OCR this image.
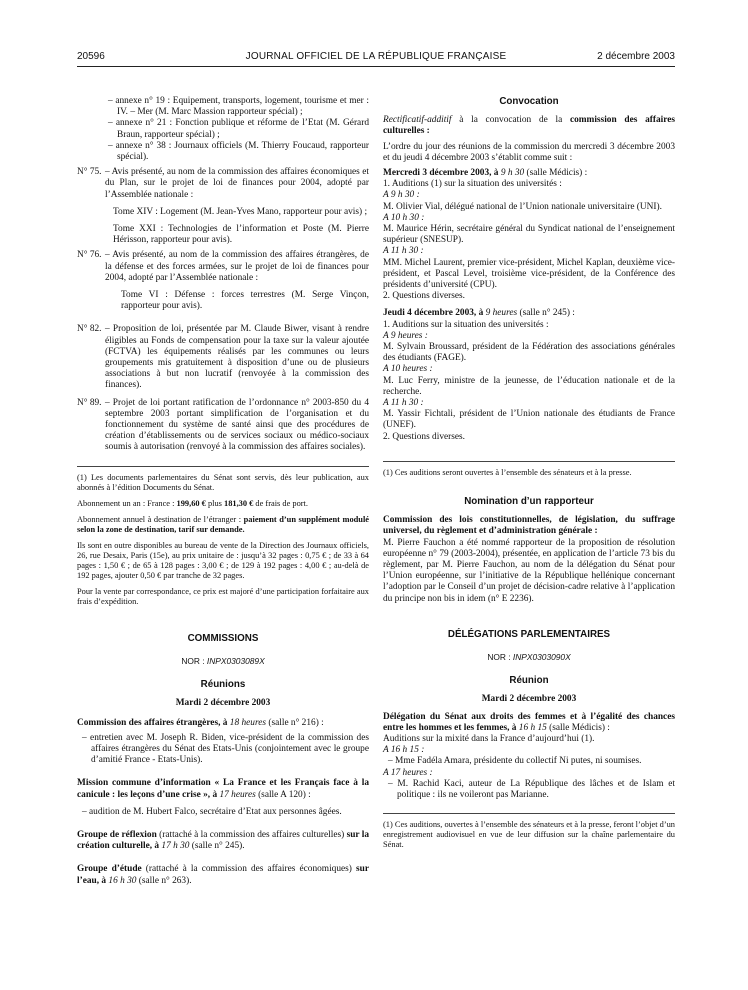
20596	JOURNAL OFFICIEL DE LA RÉPUBLIQUE FRANÇAISE	2 décembre 2003

– annexe n° 19 : Equipement, transports, logement, tourisme et mer : IV. – Mer (M. Marc Massion rapporteur spécial) ;

– annexe n° 21 : Fonction publique et réforme de l’Etat (M. Gérard Braun, rapporteur spécial) ;

– annexe n° 38 : Journaux officiels (M. Thierry Foucaud, rapporteur spécial).

N° 75. – Avis présenté, au nom de la commission des affaires économiques et du Plan, sur le projet de loi de finances pour 2004, adopté par l’Assemblée nationale :

Tome XIV : Logement (M. Jean-Yves Mano, rapporteur pour avis) ;

Tome XXI : Technologies de l’information et Poste (M. Pierre Hérisson, rapporteur pour avis).

N° 76. – Avis présenté, au nom de la commission des affaires étrangères, de la défense et des forces armées, sur le projet de loi de finances pour 2004, adopté par l’Assemblée nationale :

Tome VI : Défense : forces terrestres (M. Serge Vinçon, rapporteur pour avis).

N° 82. – Proposition de loi, présentée par M. Claude Biwer, visant à rendre éligibles au Fonds de compensation pour la taxe sur la valeur ajoutée (FCTVA) les équipements réalisés par les communes ou leurs groupements mis gratuitement à disposition d’une ou de plusieurs associations à but non lucratif (renvoyée à la commission des finances).
N° 89. – Projet de loi portant ratification de l’ordonnance n° 2003-850 du 4 septembre 2003 portant simplification de l’organisation et du fonctionnement du système de santé ainsi que des procédures de création d’établissements ou de services sociaux ou médico-sociaux soumis à autorisation (renvoyé à la commission des affaires sociales).

(1) Les documents parlementaires du Sénat sont servis, dès leur publication, aux abonnés à l’édition Documents du Sénat.

Abonnement un an : France : 199,60 € plus 181,30 € de frais de port.

Abonnement annuel à destination de l’étranger : paiement d’un supplément modulé selon la zone de destination, tarif sur demande.

Ils sont en outre disponibles au bureau de vente de la Direction des Journaux officiels, 26, rue Desaix, Paris (15e), au prix unitaire de : jusqu’à 32 pages : 0,75 € ; de 33 à 64 pages : 1,50 € ; de 65 à 128 pages : 3,00 € ; de 129 à 192 pages : 4,00 € ; au-delà de 192 pages, ajouter 0,50 € par tranche de 32 pages.

Pour la vente par correspondance, ce prix est majoré d’une participation forfaitaire aux frais d’expédition.

COMMISSIONS

NOR : INPX0303089X

Réunions

Mardi 2 décembre 2003

Commission des affaires étrangères, à 18 heures (salle n° 216) :

– entretien avec M. Joseph R. Biden, vice-président de la commission des affaires étrangères du Sénat des Etats-Unis (conjointement avec le groupe d’amitié France - Etats-Unis).

Mission commune d’information « La France et les Français face à la canicule : les leçons d’une crise », à 17 heures (salle A 120) :

– audition de M. Hubert Falco, secrétaire d’Etat aux personnes âgées.

Groupe de réflexion (rattaché à la commission des affaires culturelles) sur la création culturelle, à 17 h 30 (salle n° 245).

Groupe d’étude (rattaché à la commission des affaires économiques) sur l’eau, à 16 h 30 (salle n° 263).

Convocation

Rectificatif-additif à la convocation de la commission des affaires culturelles :

L’ordre du jour des réunions de la commission du mercredi 3 décembre 2003 et du jeudi 4 décembre 2003 s’établit comme suit :

Mercredi 3 décembre 2003, à 9 h 30 (salle Médicis) :

1. Auditions (1) sur la situation des universités :

A 9 h 30 :

M. Olivier Vial, délégué national de l’Union nationale universitaire (UNI).

A 10 h 30 :

M. Maurice Hérin, secrétaire général du Syndicat national de l’enseignement supérieur (SNESUP).

A 11 h 30 :

MM. Michel Laurent, premier vice-président, Michel Kaplan, deuxième vice-président, et Pascal Level, troisième vice-président, de la Conférence des présidents d’université (CPU).

2. Questions diverses.

Jeudi 4 décembre 2003, à 9 heures (salle n° 245) :

1. Auditions sur la situation des universités :

A 9 heures :

M. Sylvain Broussard, président de la Fédération des associations générales des étudiants (FAGE).

A 10 heures :

M. Luc Ferry, ministre de la jeunesse, de l’éducation nationale et de la recherche.

A 11 h 30 :

M. Yassir Fichtali, président de l’Union nationale des étudiants de France (UNEF).

2. Questions diverses.

(1) Ces auditions seront ouvertes à l’ensemble des sénateurs et à la presse.

Nomination d’un rapporteur

Commission des lois constitutionnelles, de législation, du suffrage universel, du règlement et d’administration générale :

M. Pierre Fauchon a été nommé rapporteur de la proposition de résolution européenne n° 79 (2003-2004), présentée, en application de l’article 73 bis du règlement, par M. Pierre Fauchon, au nom de la délégation du Sénat pour l’Union européenne, sur l’initiative de la République hellénique concernant l’adoption par le Conseil d’un projet de décision-cadre relative à l’application du principe non bis in idem (n° E 2236).

DÉLÉGATIONS PARLEMENTAIRES

NOR : INPX0303090X

Réunion

Mardi 2 décembre 2003

Délégation du Sénat aux droits des femmes et à l’égalité des chances entre les hommes et les femmes, à 16 h 15 (salle Médicis) :

Auditions sur la mixité dans la France d’aujourd’hui (1).

A 16 h 15 :

– Mme Fadéla Amara, présidente du collectif Ni putes, ni soumises.

A 17 heures :

– M. Rachid Kaci, auteur de La République des lâches et de Islam et politique : ils ne voileront pas Marianne.

(1) Ces auditions, ouvertes à l’ensemble des sénateurs et à la presse, feront l’objet d’un enregistrement audiovisuel en vue de leur diffusion sur la chaîne parlementaire du Sénat.
